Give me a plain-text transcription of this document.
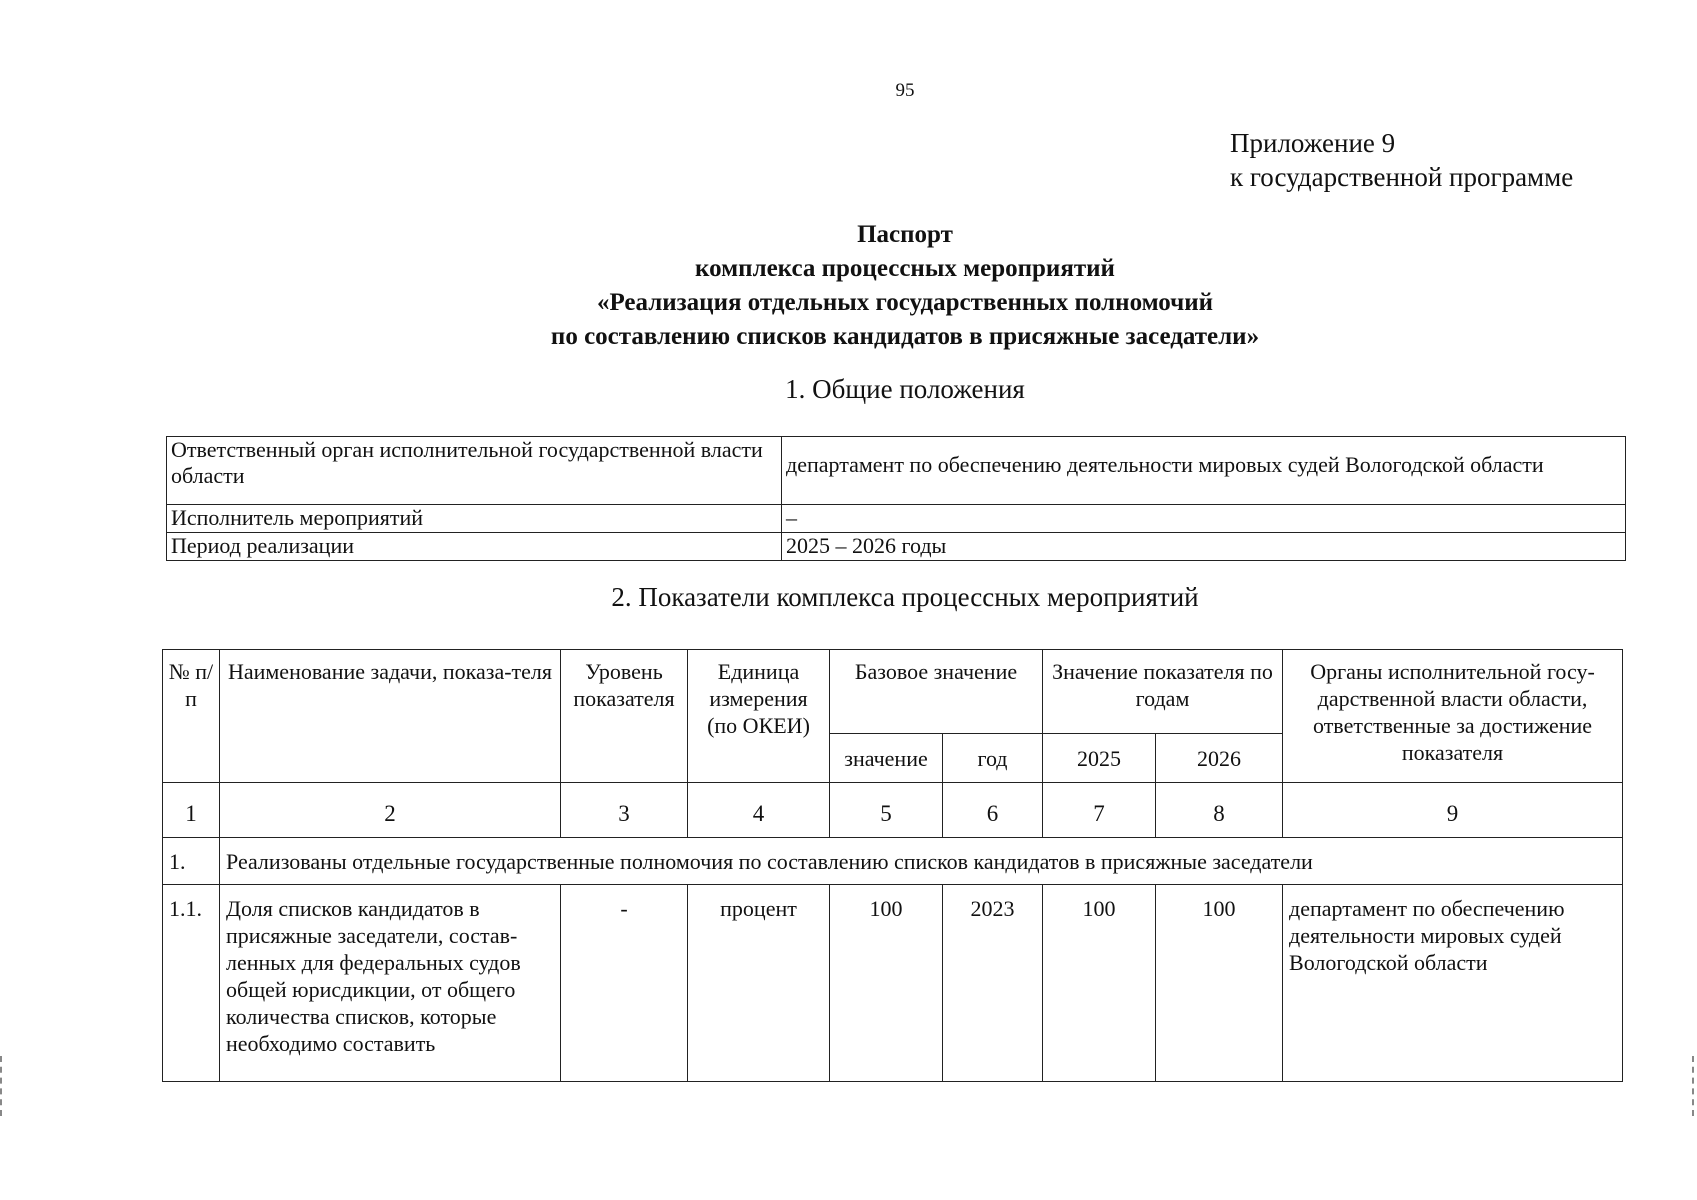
95
Приложение 9
к государственной программе
Паспорт
комплекса процессных мероприятий
«Реализация отдельных государственных полномочий
по составлению списков кандидатов в присяжные заседатели»
1. Общие положения
Ответственный орган исполнительной государственной власти области	департамент по обеспечению деятельности мировых судей Вологодской области
Исполнитель мероприятий	–
Период реализации	2025 – 2026 годы
2. Показатели комплекса процессных мероприятий
№ п/п	Наименование задачи, показа-теля	Уровень показателя	Единица измерения (по ОКЕИ)	Базовое значение		Значение показателя по годам		Органы исполнительной госу-дарственной власти области, ответственные за достижение показателя
				значение	год	2025	2026	
1	2	3	4	5	6	7	8	9
1.	Реализованы отдельные государственные полномочия по составлению списков кандидатов в присяжные заседатели							
1.1.	Доля списков кандидатов в присяжные заседатели, состав-ленных для федеральных судов общей юрисдикции, от общего количества списков, которые необходимо составить	-	процент	100	2023	100	100	департамент по обеспечению деятельности мировых судей Вологодской области
